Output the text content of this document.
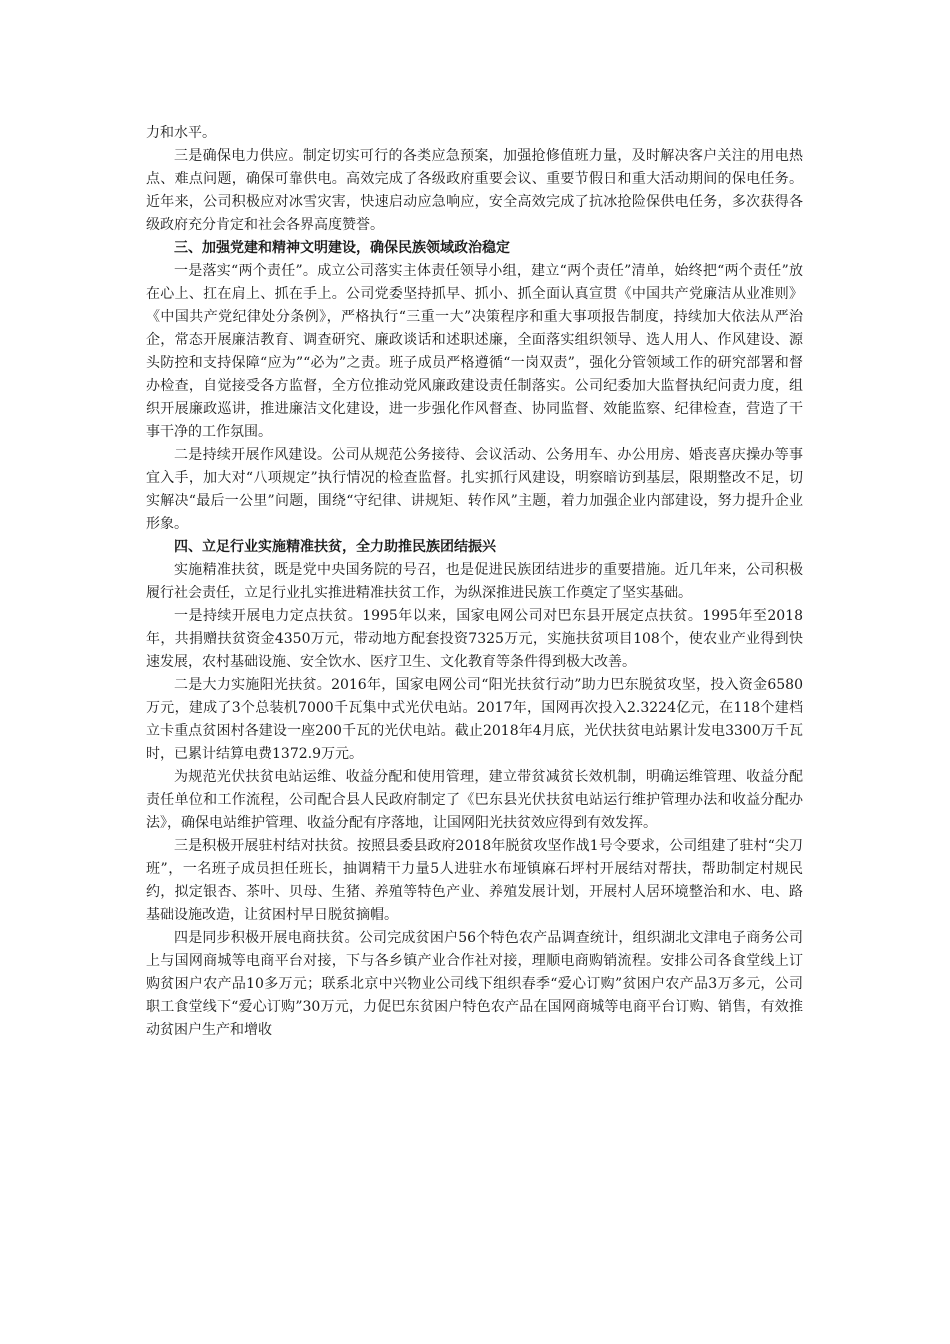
力和水平。

三是确保电力供应。制定切实可行的各类应急预案，加强抢修值班力量，及时解决客户关注的用电热点、难点问题，确保可靠供电。高效完成了各级政府重要会议、重要节假日和重大活动期间的保电任务。近年来，公司积极应对冰雪灾害，快速启动应急响应，安全高效完成了抗冰抢险保供电任务，多次获得各级政府充分肯定和社会各界高度赞誉。

三、加强党建和精神文明建设，确保民族领域政治稳定

一是落实“两个责任”。成立公司落实主体责任领导小组，建立“两个责任”清单，始终把“两个责任”放在心上、扛在肩上、抓在手上。公司党委坚持抓早、抓小、抓全面认真宣贯《中国共产党廉洁从业准则》《中国共产党纪律处分条例》，严格执行“三重一大”决策程序和重大事项报告制度，持续加大依法从严治企，常态开展廉洁教育、调查研究、廉政谈话和述职述廉，全面落实组织领导、选人用人、作风建设、源头防控和支持保障“应为”“必为”之责。班子成员严格遵循“一岗双责”，强化分管领域工作的研究部署和督办检查，自觉接受各方监督，全方位推动党风廉政建设责任制落实。公司纪委加大监督执纪问责力度，组织开展廉政巡讲，推进廉洁文化建设，进一步强化作风督查、协同监督、效能监察、纪律检查，营造了干事干净的工作氛围。

二是持续开展作风建设。公司从规范公务接待、会议活动、公务用车、办公用房、婚丧喜庆操办等事宜入手，加大对“八项规定”执行情况的检查监督。扎实抓行风建设，明察暗访到基层，限期整改不足，切实解决“最后一公里”问题，围绕“守纪律、讲规矩、转作风”主题，着力加强企业内部建设，努力提升企业形象。

四、立足行业实施精准扶贫，全力助推民族团结振兴

实施精准扶贫，既是党中央国务院的号召，也是促进民族团结进步的重要措施。近几年来，公司积极履行社会责任，立足行业扎实推进精准扶贫工作，为纵深推进民族工作奠定了坚实基础。

一是持续开展电力定点扶贫。1995年以来，国家电网公司对巴东县开展定点扶贫。1995年至2018年，共捐赠扶贫资金4350万元，带动地方配套投资7325万元，实施扶贫项目108个，使农业产业得到快速发展，农村基础设施、安全饮水、医疗卫生、文化教育等条件得到极大改善。

二是大力实施阳光扶贫。2016年，国家电网公司“阳光扶贫行动”助力巴东脱贫攻坚，投入资金6580万元，建成了3个总装机7000千瓦集中式光伏电站。2017年，国网再次投入2.3224亿元，在118个建档立卡重点贫困村各建设一座200千瓦的光伏电站。截止2018年4月底，光伏扶贫电站累计发电3300万千瓦时，已累计结算电费1372.9万元。

为规范光伏扶贫电站运维、收益分配和使用管理，建立带贫减贫长效机制，明确运维管理、收益分配责任单位和工作流程，公司配合县人民政府制定了《巴东县光伏扶贫电站运行维护管理办法和收益分配办法》，确保电站维护管理、收益分配有序落地，让国网阳光扶贫效应得到有效发挥。

三是积极开展驻村结对扶贫。按照县委县政府2018年脱贫攻坚作战1号令要求，公司组建了驻村“尖刀班”，一名班子成员担任班长，抽调精干力量5人进驻水布垭镇麻石坪村开展结对帮扶，帮助制定村规民约，拟定银杏、茶叶、贝母、生猪、养殖等特色产业、养殖发展计划，开展村人居环境整治和水、电、路基础设施改造，让贫困村早日脱贫摘帽。

四是同步积极开展电商扶贫。公司完成贫困户56个特色农产品调查统计，组织湖北文津电子商务公司上与国网商城等电商平台对接，下与各乡镇产业合作社对接，理顺电商购销流程。安排公司各食堂线上订购贫困户农产品10多万元；联系北京中兴物业公司线下组织春季“爱心订购”贫困户农产品3万多元，公司职工食堂线下“爱心订购”30万元，力促巴东贫困户特色农产品在国网商城等电商平台订购、销售，有效推动贫困户生产和增收
